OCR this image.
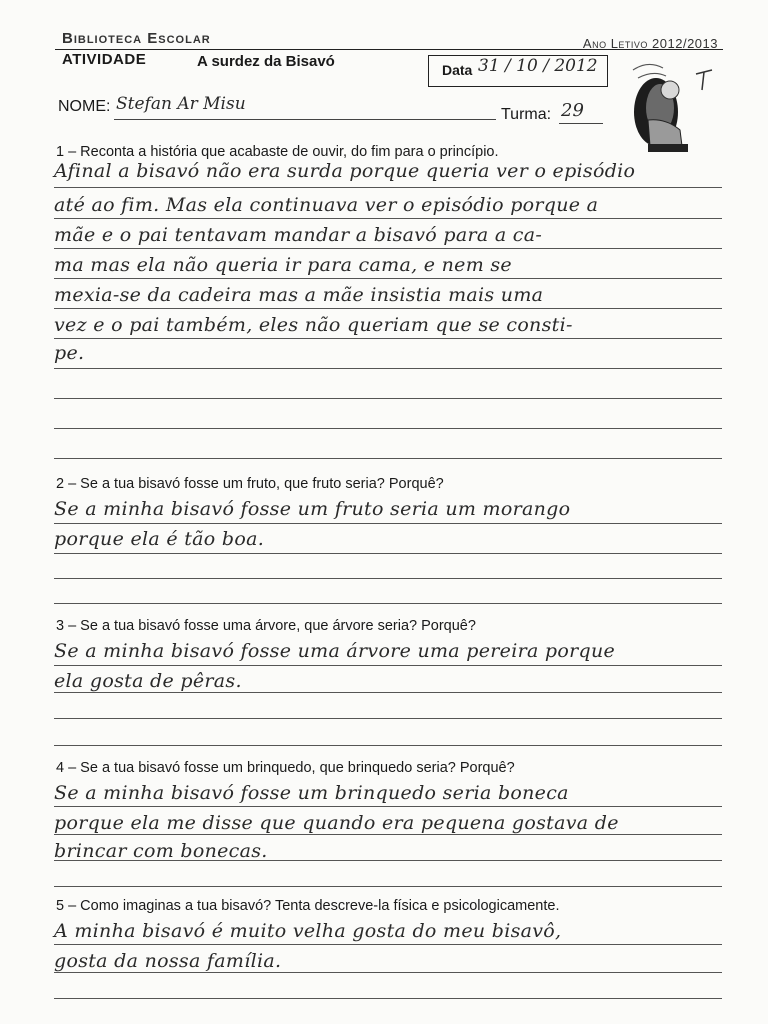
Biblioteca Escolar	Ano Letivo 2012/2013
ATIVIDADE	A surdez da Bisavó	Data 31 / 10 / 2012
NOME: Stefan Ar Misu
Turma: 29
1 – Reconta a história que acabaste de ouvir, do fim para o princípio.
Afinal a bisavó não era surda porque queria ver o episódio
até ao fim. Mas ela continuava ver o episódio porque a
mãe e o pai tentavam mandar a bisavó para a ca-
ma mas ela não queria ir para cama, e nem se
mexia-se da cadeira mas a mãe insistia mais uma
vez e o pai também, eles não queriam que se consti-
pe.
2 – Se a tua bisavó fosse um fruto, que fruto seria? Porquê?
Se a minha bisavó fosse um fruto seria um morango
porque ela é tão boa.
3 – Se a tua bisavó fosse uma árvore, que árvore seria? Porquê?
Se a minha bisavó fosse uma árvore uma pereira porque
ela gosta de pêras.
4 – Se a tua bisavó fosse um brinquedo, que brinquedo seria? Porquê?
Se a minha bisavó fosse um brinquedo seria boneca
porque ela me disse que quando era pequena gostava de
brincar com bonecas.
5 – Como imaginas a tua bisavó? Tenta descreve-la física e psicologicamente.
A minha bisavó é muito velha gosta do meu bisavô,
gosta da nossa família.
